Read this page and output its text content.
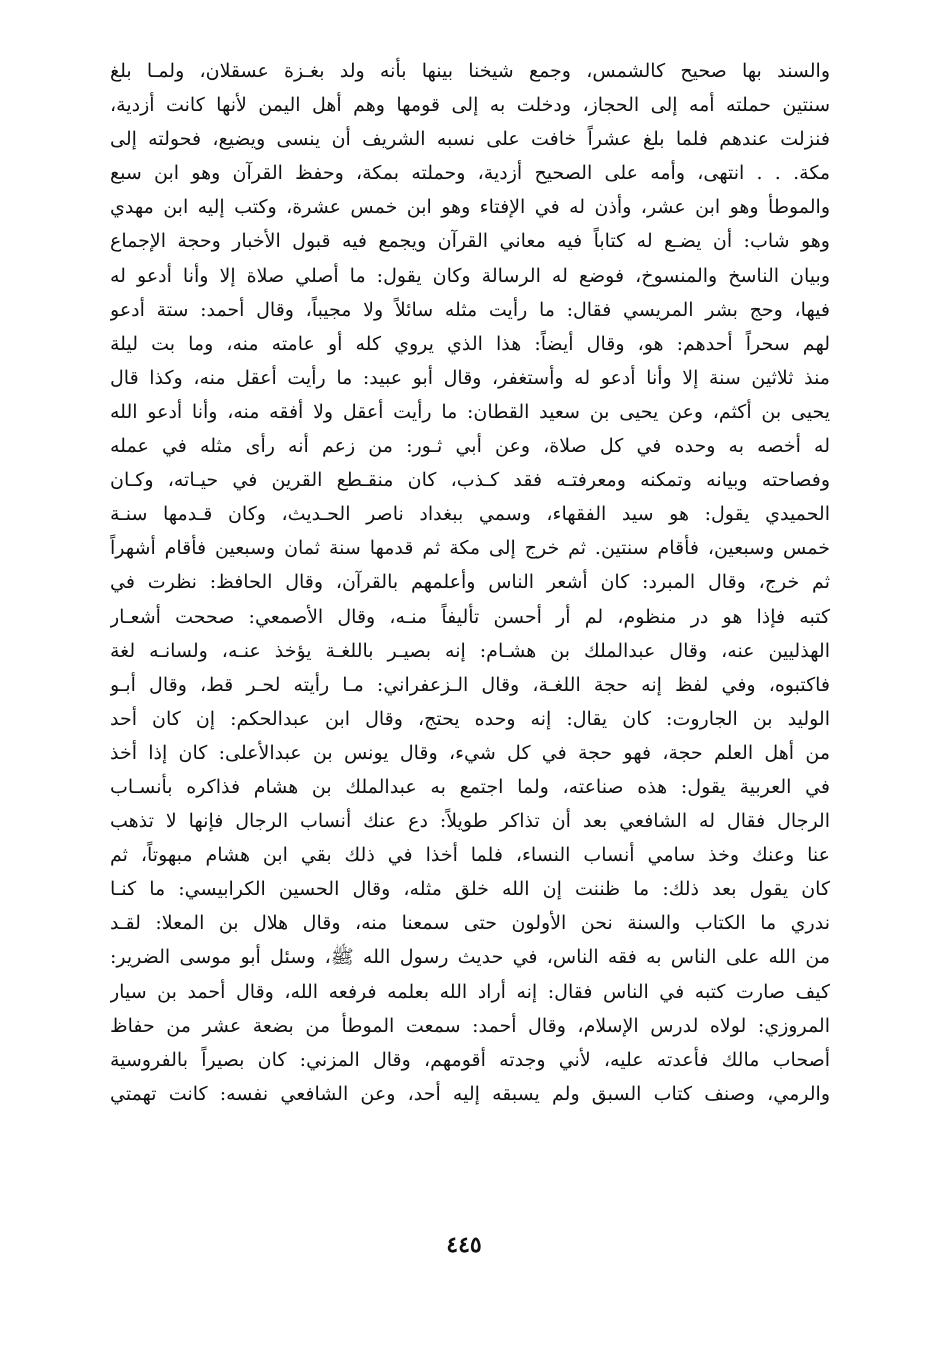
والسند بها صحيح كالشمس، وجمع شيخنا بينها بأنه ولد بغـزة عسقلان، ولمـا بلغ
سنتين حملته أمه إلى الحجاز، ودخلت به إلى قومها وهم أهل اليمن لأنها كانت أزدية،
فنزلت عندهم فلما بلغ عشراً خافت على نسبه الشريف أن ينسى ويضيع، فحولته إلى
مكة. . . انتهى، وأمه على الصحيح أزدية، وحملته بمكة، وحفظ القرآن وهو ابن سبع
والموطأ وهو ابن عشر، وأذن له في الإفتاء وهو ابن خمس عشرة، وكتب إليه ابن مهدي
وهو شاب: أن يضـع له كتاباً فيه معاني القرآن ويجمع فيه قبول الأخبار وحجة الإجماع
وبيان الناسخ والمنسوخ، فوضع له الرسالة وكان يقول: ما أصلي صلاة إلا وأنا أدعو له
فيها، وحج بشر المريسي فقال: ما رأيت مثله سائلاً ولا مجيباً، وقال أحمد: ستة أدعو
لهم سحراً أحدهم: هو، وقال أيضاً: هذا الذي يروي كله أو عامته منه، وما بت ليلة
منذ ثلاثين سنة إلا وأنا أدعو له وأستغفر، وقال أبو عبيد: ما رأيت أعقل منه، وكذا قال
يحيى بن أكثم، وعن يحيى بن سعيد القطان: ما رأيت أعقل ولا أفقه منه، وأنا أدعو الله
له أخصه به وحده في كل صلاة، وعن أبي ثـور: من زعم أنه رأى مثله في عمله
وفصاحته وبيانه وتمكنه ومعرفتـه فقد كـذب، كان منقـطع القرين في حيـاته، وكـان
الحميدي يقول: هو سيد الفقهاء، وسمي ببغداد ناصر الحـديث، وكان قـدمها سنـة
خمس وسبعين، فأقام سنتين. ثم خرج إلى مكة ثم قدمها سنة ثمان وسبعين فأقام أشهراً
ثم خرج، وقال المبرد: كان أشعر الناس وأعلمهم بالقرآن، وقال الحافظ: نظرت في
كتبه فإذا هو در منظوم، لم أر أحسن تأليفاً منـه، وقال الأصمعي: صححت أشعـار
الهذليين عنه، وقال عبدالملك بن هشـام: إنه بصيـر باللغـة يؤخذ عنـه، ولسانـه لغة
فاكتبوه، وفي لفظ إنه حجة اللغـة، وقال الـزعفراني: مـا رأيته لحـر قط، وقال أبـو
الوليد بن الجاروت: كان يقال: إنه وحده يحتج، وقال ابن عبدالحكم: إن كان أحد
من أهل العلم حجة، فهو حجة في كل شيء، وقال يونس بن عبدالأعلى: كان إذا أخذ
في العربية يقول: هذه صناعته، ولما اجتمع به عبدالملك بن هشام فذاكره بأنسـاب
الرجال فقال له الشافعي بعد أن تذاكر طويلاً: دع عنك أنساب الرجال فإنها لا تذهب
عنا وعنك وخذ سامي أنساب النساء، فلما أخذا في ذلك بقي ابن هشام مبهوتاً، ثم
كان يقول بعد ذلك: ما ظننت إن الله خلق مثله، وقال الحسين الكرابيسي: ما كنـا
ندري ما الكتاب والسنة نحن الأولون حتى سمعنا منه، وقال هلال بن المعلا: لقـد
من الله على الناس به فقه الناس، في حديث رسول الله ﷺ، وسئل أبو موسى الضرير:
كيف صارت كتبه في الناس فقال: إنه أراد الله بعلمه فرفعه الله، وقال أحمد بن سيار
المروزي: لولاه لدرس الإسلام، وقال أحمد: سمعت الموطأ من بضعة عشر من حفاظ
أصحاب مالك فأعدته عليه، لأني وجدته أقومهم، وقال المزني: كان بصيراً بالفروسية
والرمي، وصنف كتاب السبق ولم يسبقه إليه أحد، وعن الشافعي نفسه: كانت تهمتي
٤٤٥
